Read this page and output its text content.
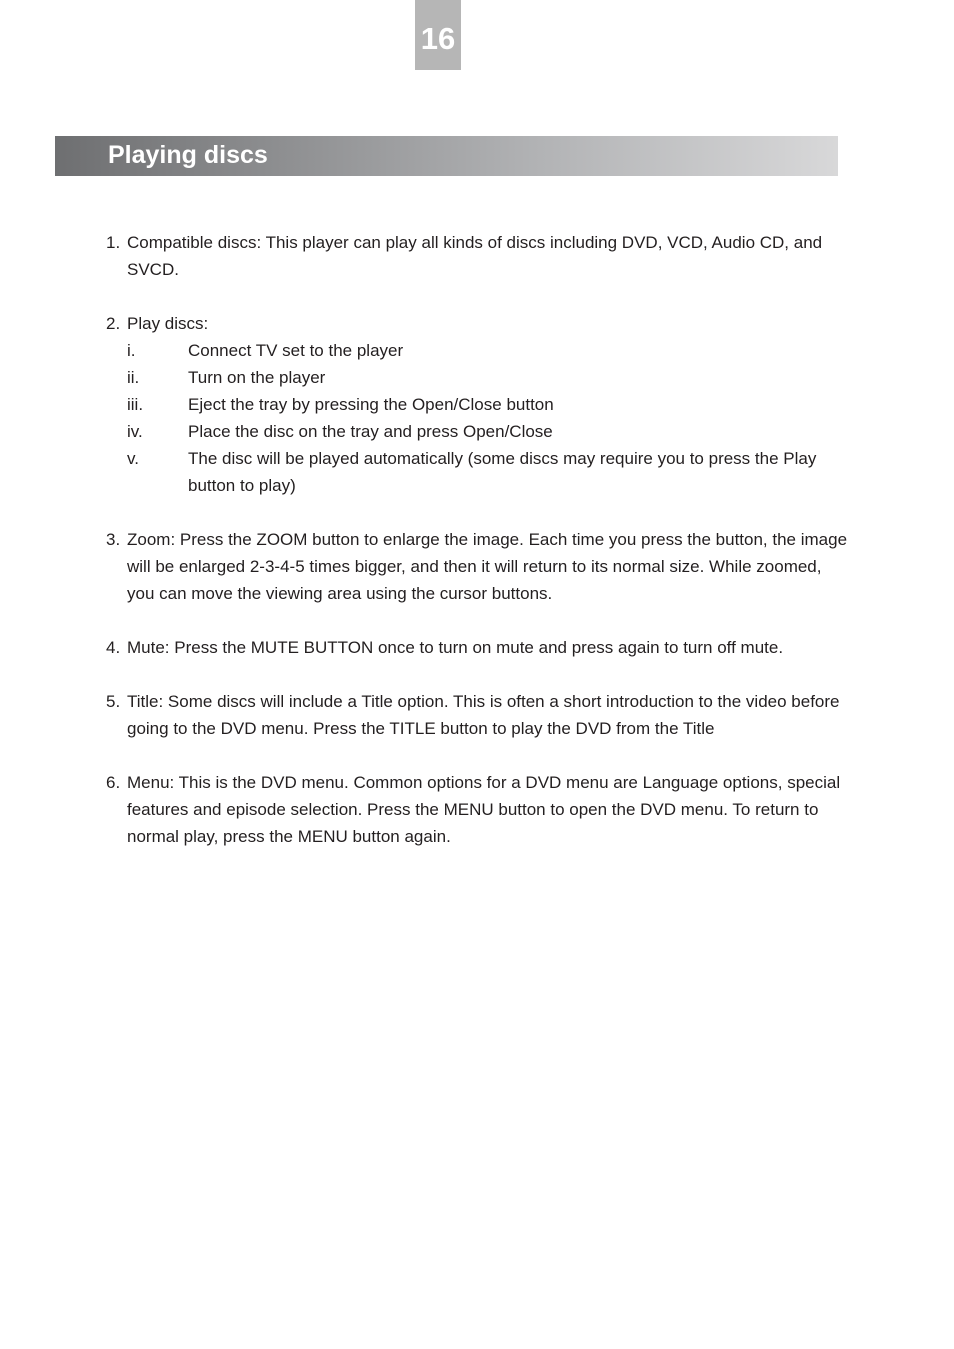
16
Playing discs
1. Compatible discs: This player can play all kinds of discs including DVD, VCD, Audio CD, and SVCD.
2. Play discs:
i.	Connect TV set to the player
ii.	Turn on the player
iii.	Eject the tray by pressing the Open/Close button
iv.	Place the disc on the tray and press Open/Close
v.	The disc will be played automatically (some discs may require you to press the Play button to play)
3. Zoom: Press the ZOOM button to enlarge the image. Each time you press the button, the image will be enlarged 2-3-4-5 times bigger, and then it will return to its normal size. While zoomed, you can move the viewing area using the cursor buttons.
4. Mute: Press the MUTE BUTTON once to turn on mute and press again to turn off mute.
5. Title: Some discs will include a Title option. This is often a short introduction to the video before going to the DVD menu. Press the TITLE button to play the DVD from the Title
6. Menu: This is the DVD menu. Common options for a DVD menu are Language options, special features and episode selection. Press the MENU button to open the DVD menu. To return to normal play, press the MENU button again.
